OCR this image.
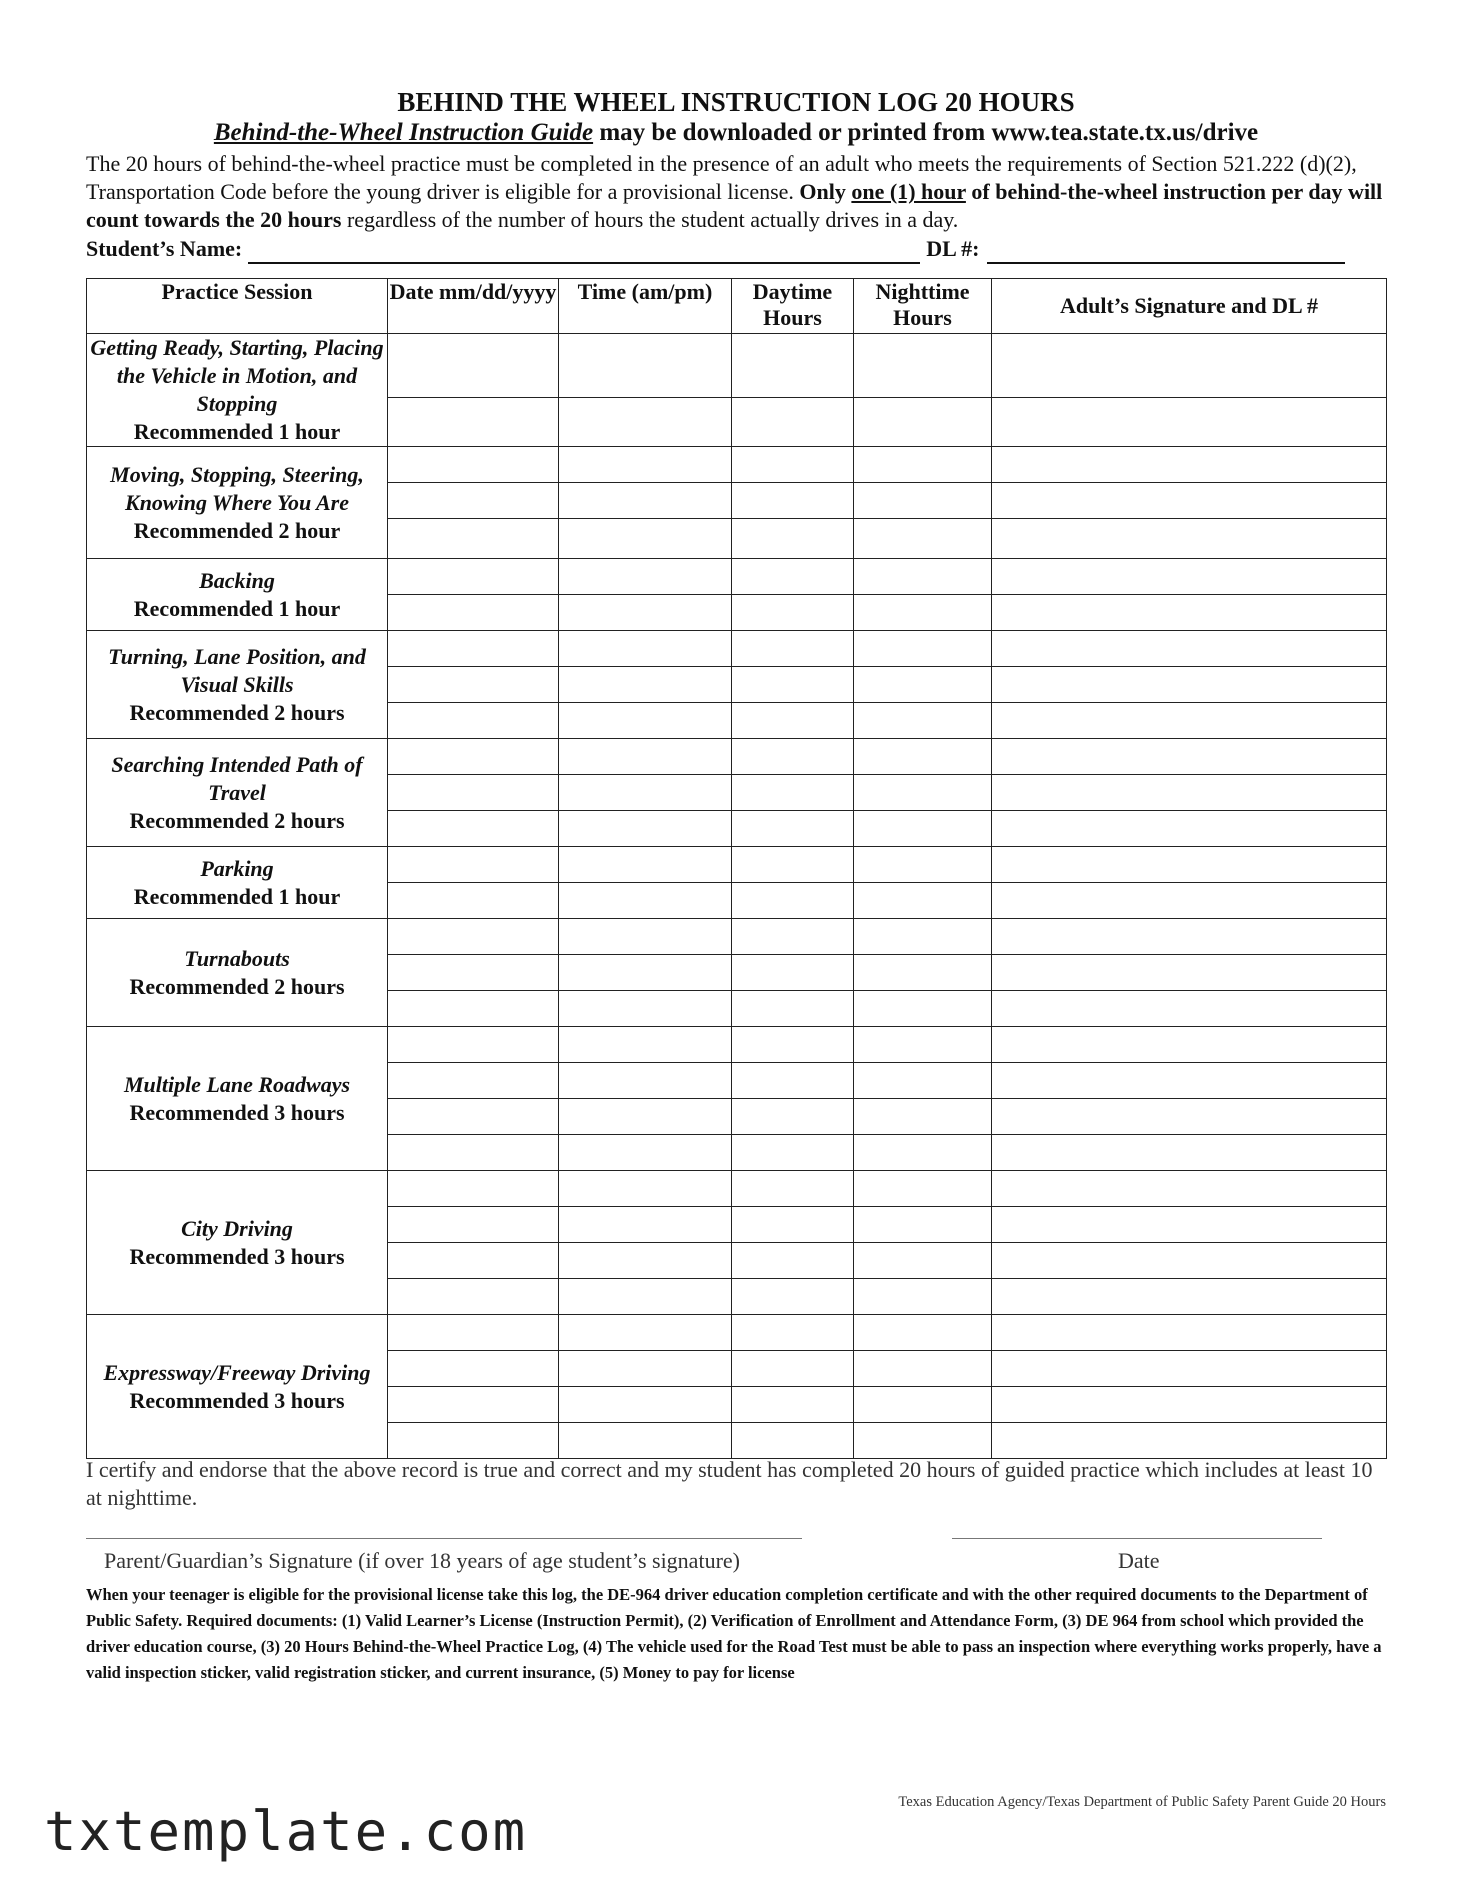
BEHIND THE WHEEL INSTRUCTION LOG 20 HOURS

Behind-the-Wheel Instruction Guide may be downloaded or printed from www.tea.state.tx.us/drive

The 20 hours of behind-the-wheel practice must be completed in the presence of an adult who meets the requirements of Section 521.222 (d)(2), Transportation Code before the young driver is eligible for a provisional license. Only one (1) hour of behind-the-wheel instruction per day will count towards the 20 hours regardless of the number of hours the student actually drives in a day.

Student’s Name:	DL #:
Practice Session	Date mm/dd/yyyy	Time (am/pm)	Daytime Hours	Nighttime Hours	Adult’s Signature and DL #

Getting Ready, Starting, Placing the Vehicle in Motion, and Stopping
Recommended 1 hour					

Moving, Stopping, Steering, Knowing Where You Are
Recommended 2 hour					

Backing
Recommended 1 hour					

Turning, Lane Position, and Visual Skills
Recommended 2 hours					

Searching Intended Path of Travel
Recommended 2 hours					

Parking
Recommended 1 hour					

Turnabouts
Recommended 2 hours					

Multiple Lane Roadways
Recommended 3 hours					

City Driving
Recommended 3 hours					

Expressway/Freeway Driving
Recommended 3 hours					

I certify and endorse that the above record is true and correct and my student has completed 20 hours of guided practice which includes at least 10 at nighttime.
Parent/Guardian’s Signature (if over 18 years of age student’s signature)	Date
When your teenager is eligible for the provisional license take this log, the DE-964 driver education completion certificate and with the other required documents to the Department of Public Safety. Required documents: (1) Valid Learner’s License (Instruction Permit), (2) Verification of Enrollment and Attendance Form, (3) DE 964 from school which provided the driver education course, (3) 20 Hours Behind-the-Wheel Practice Log, (4) The vehicle used for the Road Test must be able to pass an inspection where everything works properly, have a valid inspection sticker, valid registration sticker, and current insurance, (5) Money to pay for license
Texas Education Agency/Texas Department of Public Safety Parent Guide 20 Hours
txtemplate.com
